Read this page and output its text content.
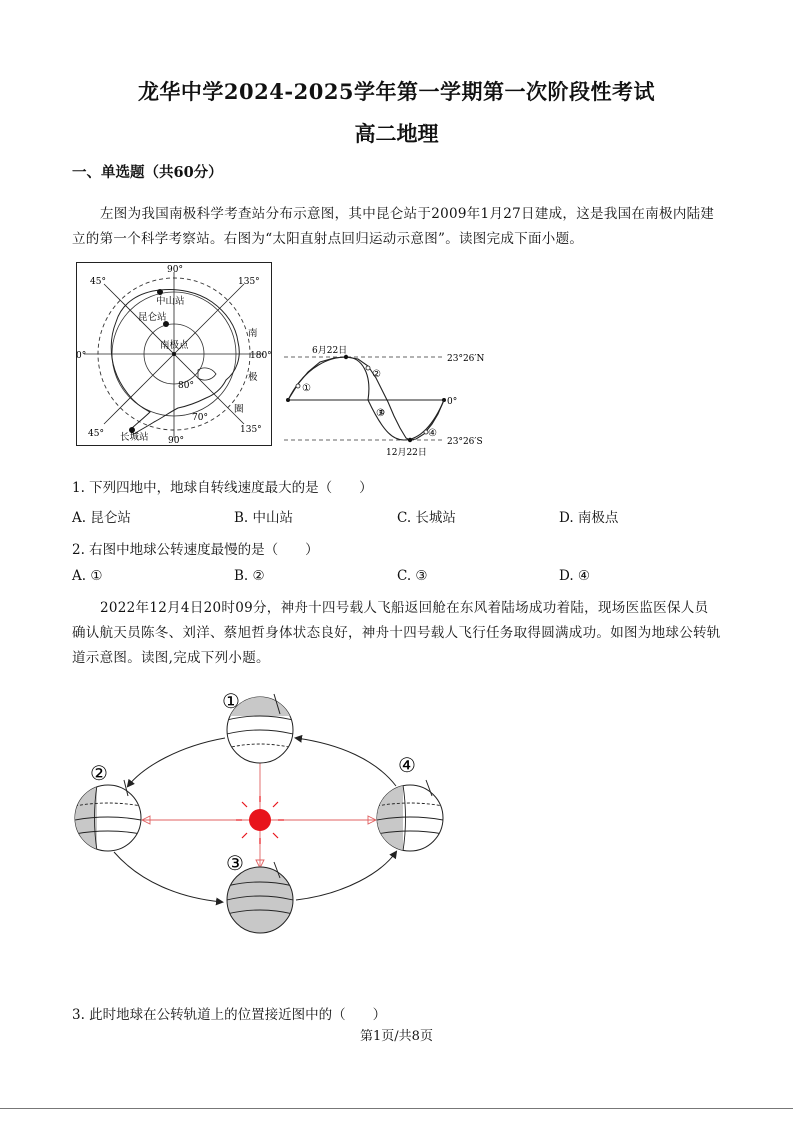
龙华中学2024-2025学年第一学期第一次阶段性考试
高二地理
一、单选题（共60分）
左图为我国南极科学考查站分布示意图，其中昆仑站于2009年1月27日建成，这是我国在南极内陆建立的第一个科学考察站。右图为“太阳直射点回归运动示意图”。读图完成下面小题。
90°
45°	135°
0°	180°
45°	135°
90°
80°
70°
中山站
昆仑站
南极点
长城站
南
极
圈
6月22日
12月22日
23°26′N
0°
23°26′S
①
②
③
④
1. 下列四地中，地球自转线速度最大的是（　　）
A. 昆仑站	B. 中山站	C. 长城站	D. 南极点
2. 右图中地球公转速度最慢的是（　　）
A. ①	B. ②	C. ③	D. ④
2022年12月4日20时09分，神舟十四号载人飞船返回舱在东风着陆场成功着陆，现场医监医保人员确认航天员陈冬、刘洋、蔡旭哲身体状态良好，神舟十四号载人飞行任务取得圆满成功。如图为地球公转轨道示意图。读图,完成下列小题。
①
②
③
④
3. 此时地球在公转轨道上的位置接近图中的（　　）
第1页/共8页
